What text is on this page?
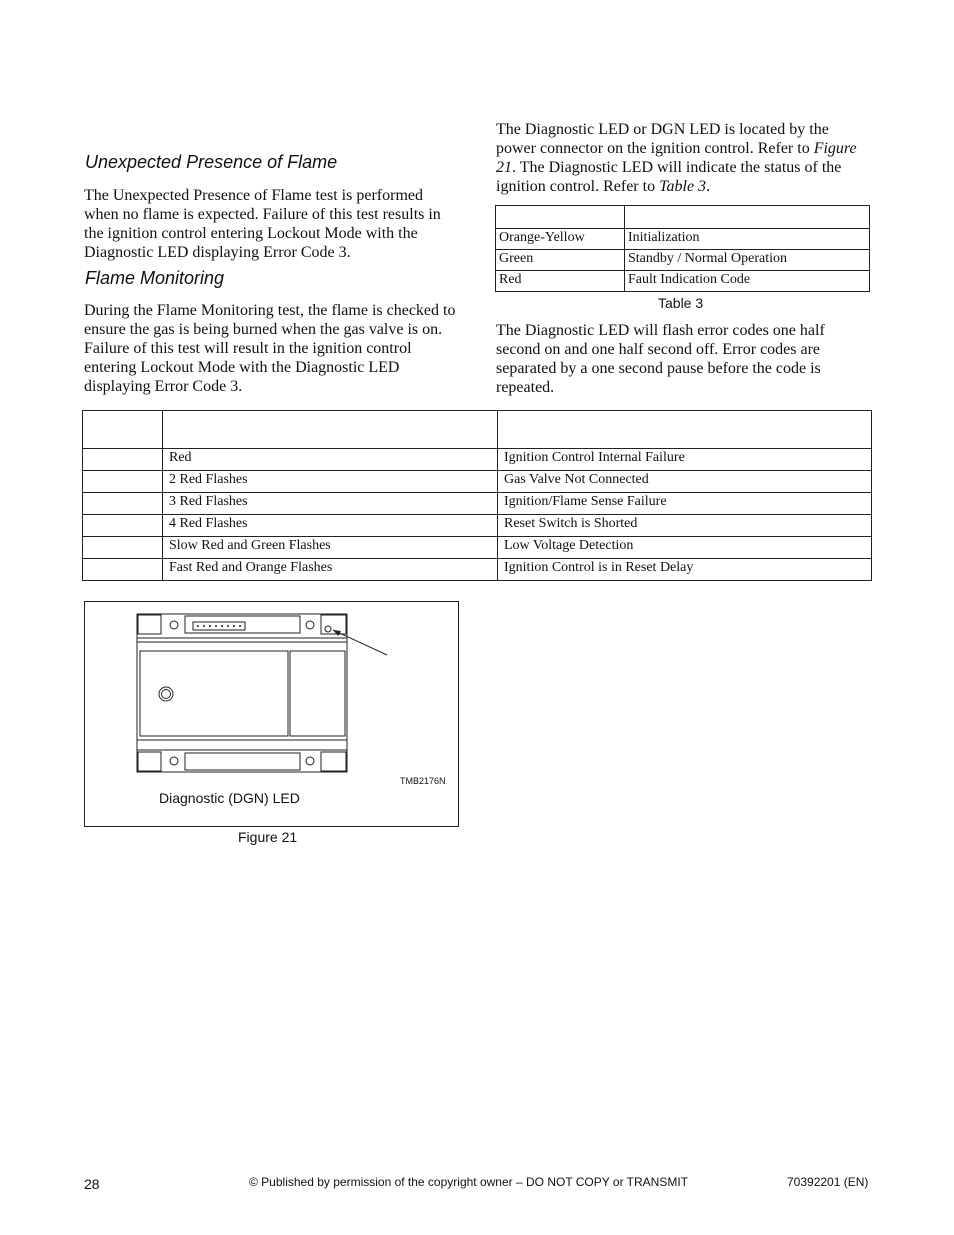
Unexpected Presence of Flame
The Unexpected Presence of Flame test is performed when no flame is expected. Failure of this test results in the ignition control entering Lockout Mode with the Diagnostic LED displaying Error Code 3.
Flame Monitoring
During the Flame Monitoring test, the flame is checked to ensure the gas is being burned when the gas valve is on. Failure of this test will result in the ignition control entering Lockout Mode with the Diagnostic LED displaying Error Code 3.
The Diagnostic LED or DGN LED is located by the power connector on the ignition control. Refer to Figure 21. The Diagnostic LED will indicate the status of the ignition control. Refer to Table 3.

Orange-Yellow	Initialization
Green	Standby / Normal Operation
Red	Fault Indication Code
Table 3
The Diagnostic LED will flash error codes one half second on and one half second off. Error codes are separated by a one second pause before the code is repeated.

	Red	Ignition Control Internal Failure
	2 Red Flashes	Gas Valve Not Connected
	3 Red Flashes	Ignition/Flame Sense Failure
	4 Red Flashes	Reset Switch is Shorted
	Slow Red and Green Flashes	Low Voltage Detection
	Fast Red and Orange Flashes	Ignition Control is in Reset Delay
TMB2176N
Diagnostic (DGN) LED
Figure 21
28	© Published by permission of the copyright owner – DO NOT COPY or TRANSMIT	70392201 (EN)
